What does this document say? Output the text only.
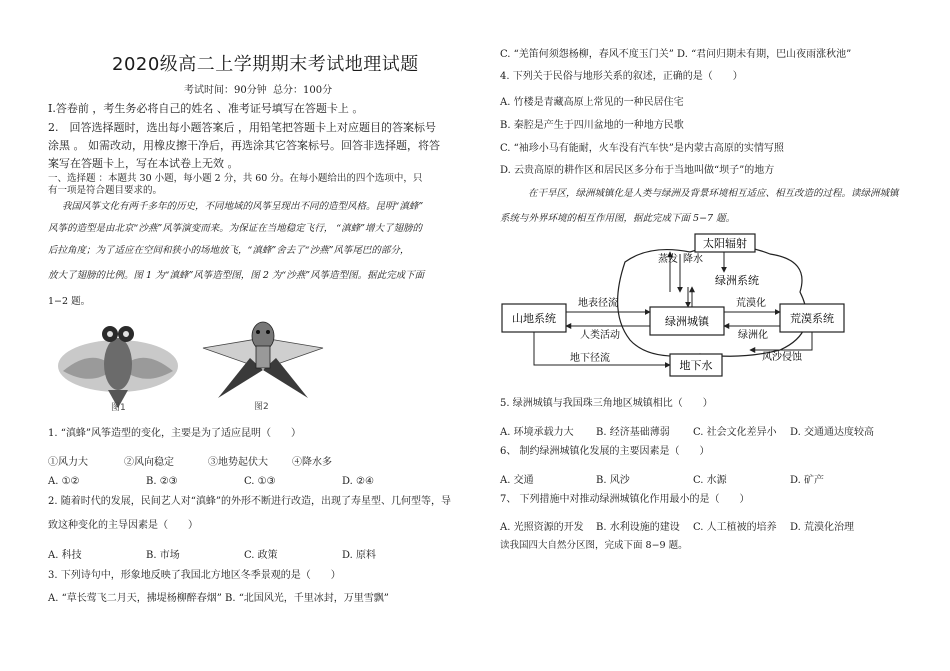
2020级高二上学期期末考试地理试题
考试时间：90分钟 总分：100分
Ⅰ.答卷前 ，考生务必将自己的姓名 、准考证号填写在答题卡上 。
2.　回答选择题时，选出每小题答案后 ，用铅笔把答题卡上对应题目的答案标号
涂黑 。 如需改动，用橡皮擦干净后，再选涂其它答案标号。回答非选择题，将答
案写在答题卡上，写在本试卷上无效 。
一、选择题 ：本题共 30 小题，每小题 2 分，共 60 分。在每小题给出的四个选项中，只
有一项是符合题目要求的。
我国风筝文化有两千多年的历史，不同地域的风筝呈现出不同的造型风格。昆明“滇蜂”
风筝的造型是由北京“沙燕”风筝演变而来。为保证在当地稳定飞行， “滇蜂”增大了翅膀的
后拉角度；为了适应在空间和狭小的场地放飞，“滇蜂”舍去了“沙燕”风筝尾巴的部分，
放大了翅膀的比例。图 1 为“滇蜂”风筝造型图，图 2 为“沙燕”风筝造型图。据此完成下面
1−2 题。
图1	图2
1. “滇蜂”风筝造型的变化，主要是为了适应昆明（　　）
①风力大	②风向稳定	③地势起伏大 ④降水多
A. ①②	B. ②③	C. ①③	D. ②④
2. 随着时代的发展，民间艺人对“滇蜂”的外形不断进行改造，出现了寿星型、几何型等，导
致这种变化的主导因素是（　　）
A. 科技	B. 市场	C. 政策	D. 原料
3. 下列诗句中，形象地反映了我国北方地区冬季景观的是（　　）
A. “草长莺飞二月天，拂堤杨柳醉春烟” B. “北国风光，千里冰封，万里雪飘”
C. “羌笛何须怨杨柳，春风不度玉门关” D. “君问归期未有期，巴山夜雨涨秋池”
4. 下列关于民俗与地形关系的叙述，正确的是（　　）
A. 竹楼是青藏高原上常见的一种民居住宅
B. 秦腔是产生于四川盆地的一种地方民歌
C. “袖珍小马有能耐，火车没有汽车快”是内蒙古高原的实情写照
D. 云贵高原的耕作区和居民区多分布于当地叫做“坝子”的地方
在干旱区，绿洲城镇化是人类与绿洲及背景环境相互适应、相互改造的过程。读绿洲城镇
系统与外界环境的相互作用图，据此完成下面 5−7 题。
太阳辐射
蒸发 降水
绿洲系统
山地系统	绿洲城镇	荒漠系统
地表径流
人类活动
荒漠化
绿洲化
风沙侵蚀
地下水
地下径流
5. 绿洲城镇与我国珠三角地区城镇相比（　　）
A. 环境承载力大 B. 经济基础薄弱 C. 社会文化差异小 D. 交通通达度较高
6、 制约绿洲城镇化发展的主要因素是（　　）
A. 交通	B. 风沙	C. 水源	D. 矿产
7、 下列措施中对推动绿洲城镇化作用最小的是（　　）
A. 光照资源的开发 B. 水利设施的建设 C. 人工植被的培养 D. 荒漠化治理
读我国四大自然分区图，完成下面 8−9 题。
